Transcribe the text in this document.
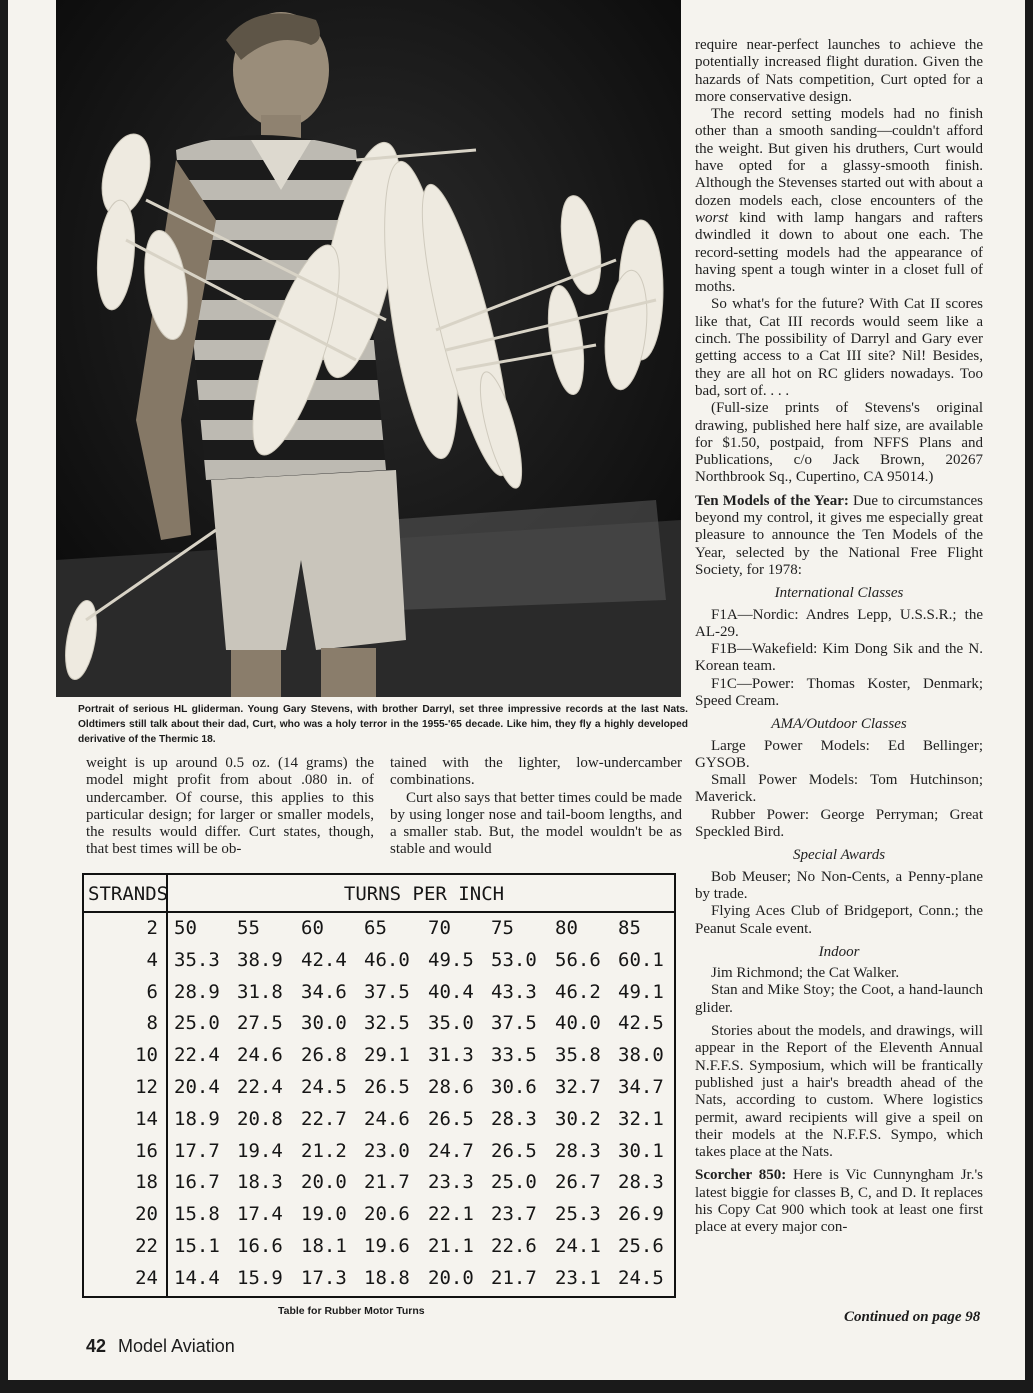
Portrait of serious HL gliderman. Young Gary Stevens, with brother Darryl, set three impressive records at the last Nats. Oldtimers still talk about their dad, Curt, who was a holy terror in the 1955-'65 decade. Like him, they fly a highly developed derivative of the Thermic 18.

weight is up around 0.5 oz. (14 grams) the model might profit from about .080 in. of undercamber. Of course, this applies to this particular design; for larger or smaller models, the results would differ. Curt states, though, that best times will be ob-

tained with the lighter, low-undercamber combinations.

Curt also says that better times could be made by using longer nose and tail-boom lengths, and a smaller stab. But, the model wouldn't be as stable and would

require near-perfect launches to achieve the potentially increased flight duration. Given the hazards of Nats competition, Curt opted for a more conservative design.

The record setting models had no finish other than a smooth sanding—couldn't afford the weight. But given his druthers, Curt would have opted for a glassy-smooth finish. Although the Stevenses started out with about a dozen models each, close encounters of the worst kind with lamp hangars and rafters dwindled it down to about one each. The record-setting models had the appearance of having spent a tough winter in a closet full of moths.

So what's for the future? With Cat II scores like that, Cat III records would seem like a cinch. The possibility of Darryl and Gary ever getting access to a Cat III site? Nil! Besides, they are all hot on RC gliders nowadays. Too bad, sort of. . . .

(Full-size prints of Stevens's original drawing, published here half size, are available for $1.50, postpaid, from NFFS Plans and Publications, c/o Jack Brown, 20267 Northbrook Sq., Cupertino, CA 95014.)

Ten Models of the Year: Due to circumstances beyond my control, it gives me especially great pleasure to announce the Ten Models of the Year, selected by the National Free Flight Society, for 1978:

International Classes

F1A—Nordic: Andres Lepp, U.S.S.R.; the AL-29.

F1B—Wakefield: Kim Dong Sik and the N. Korean team.

F1C—Power: Thomas Koster, Denmark; Speed Cream.

AMA/Outdoor Classes

Large Power Models: Ed Bellinger; GYSOB.

Small Power Models: Tom Hutchinson; Maverick.

Rubber Power: George Perryman; Great Speckled Bird.

Special Awards

Bob Meuser; No Non-Cents, a Penny-plane by trade.

Flying Aces Club of Bridgeport, Conn.; the Peanut Scale event.

Indoor

Jim Richmond; the Cat Walker.

Stan and Mike Stoy; the Coot, a hand-launch glider.

Stories about the models, and drawings, will appear in the Report of the Eleventh Annual N.F.F.S. Symposium, which will be frantically published just a hair's breadth ahead of the Nats, according to custom. Where logistics permit, award recipients will give a speil on their models at the N.F.F.S. Sympo, which takes place at the Nats.

Scorcher 850: Here is Vic Cunnyngham Jr.'s latest biggie for classes B, C, and D. It replaces his Copy Cat 900 which took at least one first place at every major con-

STRANDS	TURNS PER INCH
2 50 55 60 65 70 75 80 85
4 35.3 38.9 42.4 46.0 49.5 53.0 56.6 60.1
6 28.9 31.8 34.6 37.5 40.4 43.3 46.2 49.1
8 25.0 27.5 30.0 32.5 35.0 37.5 40.0 42.5
10 22.4 24.6 26.8 29.1 31.3 33.5 35.8 38.0
12 20.4 22.4 24.5 26.5 28.6 30.6 32.7 34.7
14 18.9 20.8 22.7 24.6 26.5 28.3 30.2 32.1
16 17.7 19.4 21.2 23.0 24.7 26.5 28.3 30.1
18 16.7 18.3 20.0 21.7 23.3 25.0 26.7 28.3
20 15.8 17.4 19.0 20.6 22.1 23.7 25.3 26.9
22 15.1 16.6 18.1 19.6 21.1 22.6 24.1 25.6
24 14.4 15.9 17.3 18.8 20.0 21.7 23.1 24.5

Table for Rubber Motor Turns	Continued on page 98
42 Model Aviation
